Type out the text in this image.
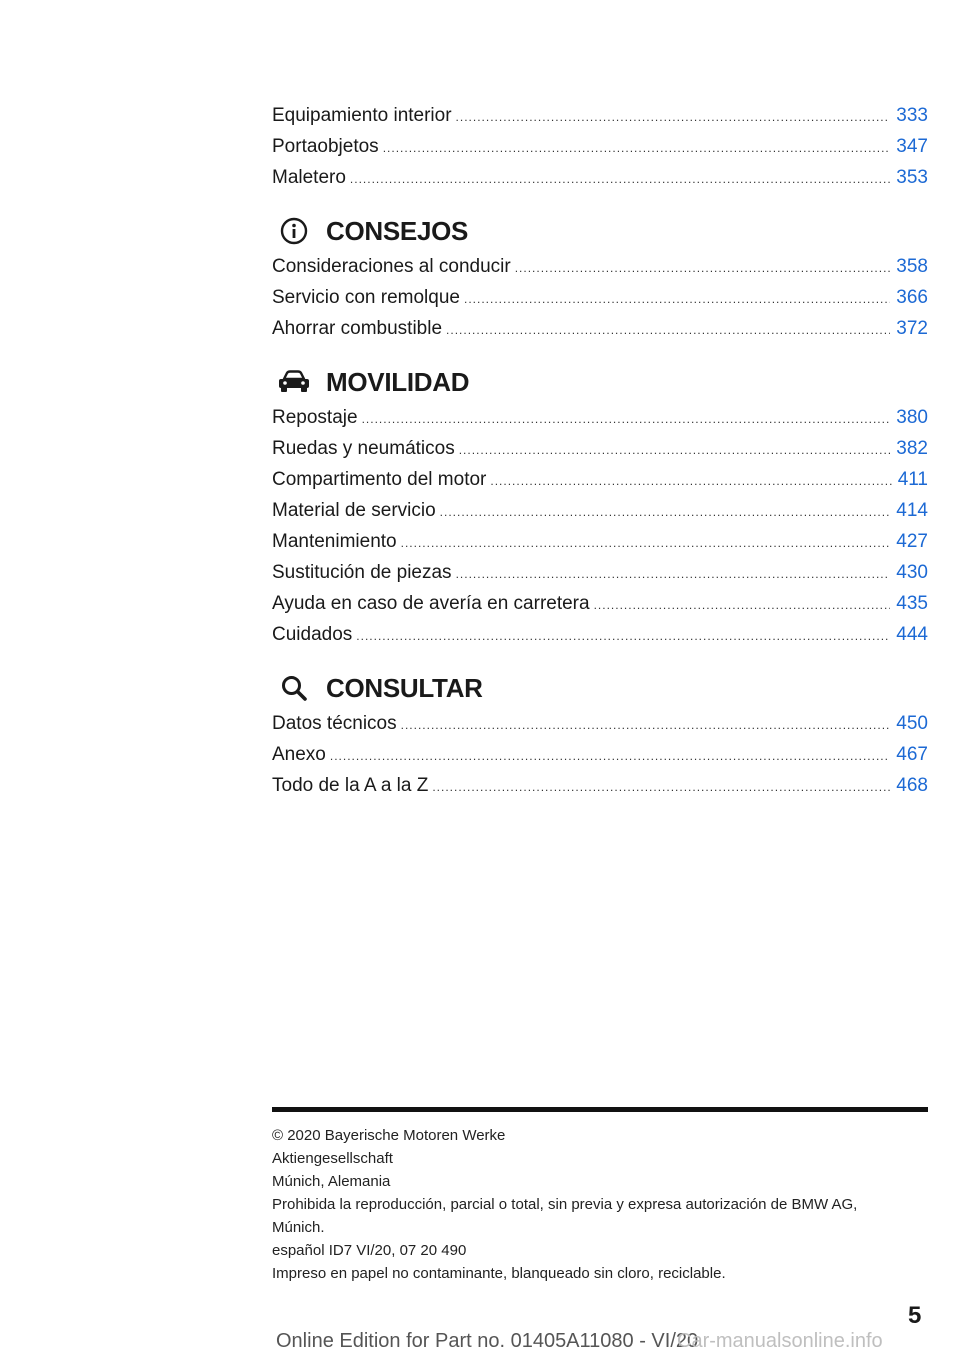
Equipamiento interior .....	333
Portaobjetos .....	347
Maletero .....	353
CONSEJOS
Consideraciones al conducir .....	358
Servicio con remolque .....	366
Ahorrar combustible .....	372
MOVILIDAD
Repostaje .....	380
Ruedas y neumáticos .....	382
Compartimento del motor .....	411
Material de servicio .....	414
Mantenimiento .....	427
Sustitución de piezas .....	430
Ayuda en caso de avería en carretera .....	435
Cuidados .....	444
CONSULTAR
Datos técnicos .....	450
Anexo .....	467
Todo de la A a la Z .....	468
© 2020 Bayerische Motoren Werke
Aktiengesellschaft
Múnich, Alemania
Prohibida la reproducción, parcial o total, sin previa y expresa autorización de BMW AG,
Múnich.
español ID7 VI/20, 07 20 490
Impreso en papel no contaminante, blanqueado sin cloro, reciclable.
5
Online Edition for Part no. 01405A11080 - VI/20
Car-manualsonline.info
